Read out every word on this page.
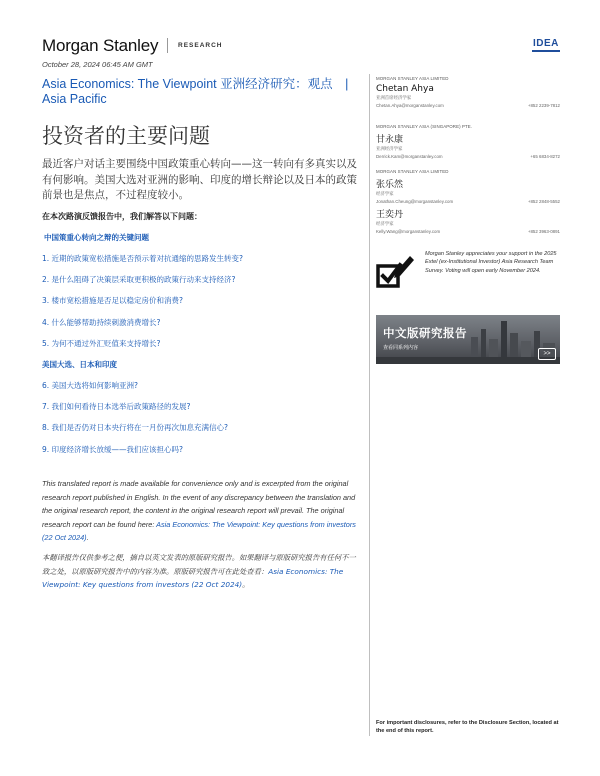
Morgan Stanley	RESEARCH	IDEA
October 28, 2024 06:45 AM GMT
Asia Economics: The Viewpoint 亚洲经济研究：观点　|　Asia Pacific
投资者的主要问题
最近客户对话主要围绕中国政策重心转向——这一转向有多真实以及有何影响。美国大选对亚洲的影响、印度的增长辩论以及日本的政策前景也是焦点，不过程度较小。
在本次路演反馈报告中，我们解答以下问题：
中国策重心转向之辩的关键问题
1. 近期的政策宽松措施是否预示着对抗通缩的思路发生转变?
2. 是什么阻碍了决策层采取更积极的政策行动来支持经济?
3. 楼市宽松措施是否足以稳定房价和消费?
4. 什么能够帮助持续刺激消费增长?
5. 为何不通过外汇贬值来支持增长?
美国大选、日本和印度
6. 美国大选将如何影响亚洲?
7. 我们如何看待日本选举后政策路径的发展?
8. 我们是否仍对日本央行将在一月份再次加息充满信心?
9. 印度经济增长放缓——我们应该担心吗?
This translated report is made available for convenience only and is excerpted from the original research report published in English. In the event of any discrepancy between the translation and the original research report, the content in the original research report will prevail. The original research report can be found here: Asia Economics: The Viewpoint: Key questions from investors (22 Oct 2024).
本翻译报告仅供参考之便，摘自以英文发表的原版研究报告。如果翻译与原版研究报告有任何不一致之处，以原版研究报告中的内容为准。原版研究报告可在此处查看：Asia Economics: The Viewpoint: Key questions from investors (22 Oct 2024)。
MORGAN STANLEY ASIA LIMITED
Chetan Ahya
亚洲首席经济学家
Chetan.Ahya@morganstanley.com	+852 2239-7812
MORGAN STANLEY ASIA (SINGAPORE) PTE.
甘永康
亚洲经济学家
Derrick.Kam@morganstanley.com	+65 6834-8272
MORGAN STANLEY ASIA LIMITED
张乐然
经济学家
Jonathan.Cheung@morganstanley.com	+852 2848-5552
王奕丹
经济学家
Kelly.Wang@morganstanley.com	+852 3963-0891
Morgan Stanley appreciates your support in the 2025 Extel (ex-Institutional Investor) Asia Research Team Survey. Voting will open early November 2024.
中文版研究报告
查看同系列内容
>>
For important disclosures, refer to the Disclosure Section, located at the end of this report.
